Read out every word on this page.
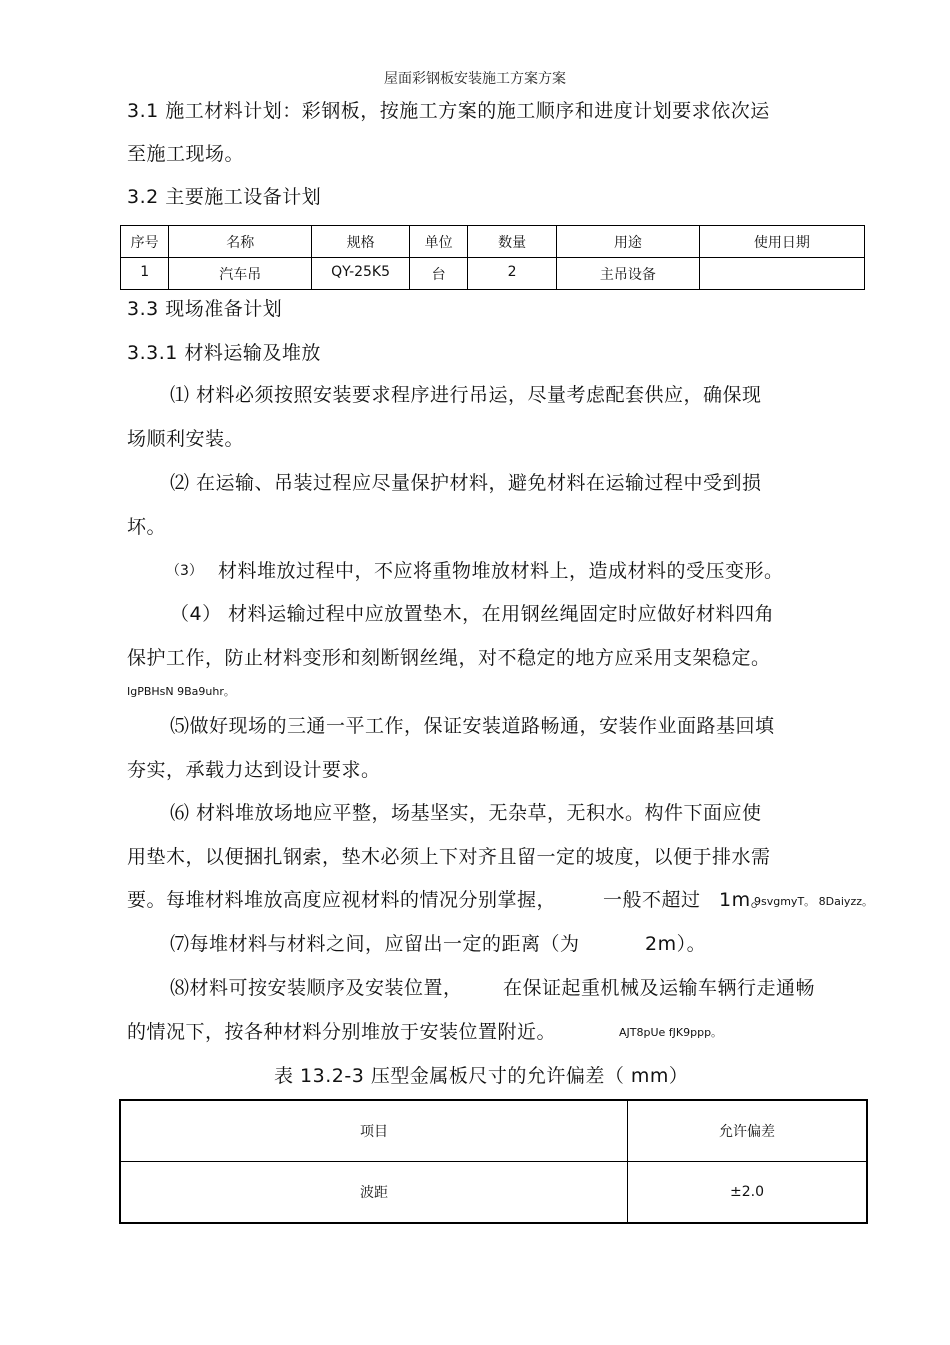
屋面彩钢板安装施工方案方案
3.1 施工材料计划：彩钢板，按施工方案的施工顺序和进度计划要求依次运
至施工现场。
3.2 主要施工设备计划
序号	名称	规格	单位	数量	用途	使用日期
1	汽车吊	QY-25K5	台	2	主吊设备	
3.3 现场准备计划
3.3.1 材料运输及堆放
⑴ 材料必须按照安装要求程序进行吊运，尽量考虑配套供应，确保现
场顺利安装。
⑵ 在运输、吊装过程应尽量保护材料，避免材料在运输过程中受到损
坏。
（3） 材料堆放过程中，不应将重物堆放材料上，造成材料的受压变形。
（4） 材料运输过程中应放置垫木，在用钢丝绳固定时应做好材料四角
保护工作，防止材料变形和刻断钢丝绳，对不稳定的地方应采用支架稳定。
IgPBHsN 9Ba9uhr。
⑸做好现场的三通一平工作，保证安装道路畅通，安装作业面路基回填
夯实，承载力达到设计要求。
⑹ 材料堆放场地应平整，场基坚实，无杂草，无积水。构件下面应使
用垫木，以便捆扎钢索，垫木必须上下对齐且留一定的坡度，以便于排水需
要。每堆材料堆放高度应视材料的情况分别掌握， 一般不超过 1m。
9svgmyT。 8Daiyzz。
⑺每堆材料与材料之间，应留出一定的距离（为	2m）。
⑻材料可按安装顺序及安装位置， 在保证起重机械及运输车辆行走通畅
的情况下，按各种材料分别堆放于安装位置附近。	AJT8pUe fJK9ppp。
表 13.2-3 压型金属板尺寸的允许偏差（ mm）
项目	允许偏差
波距	±2.0
